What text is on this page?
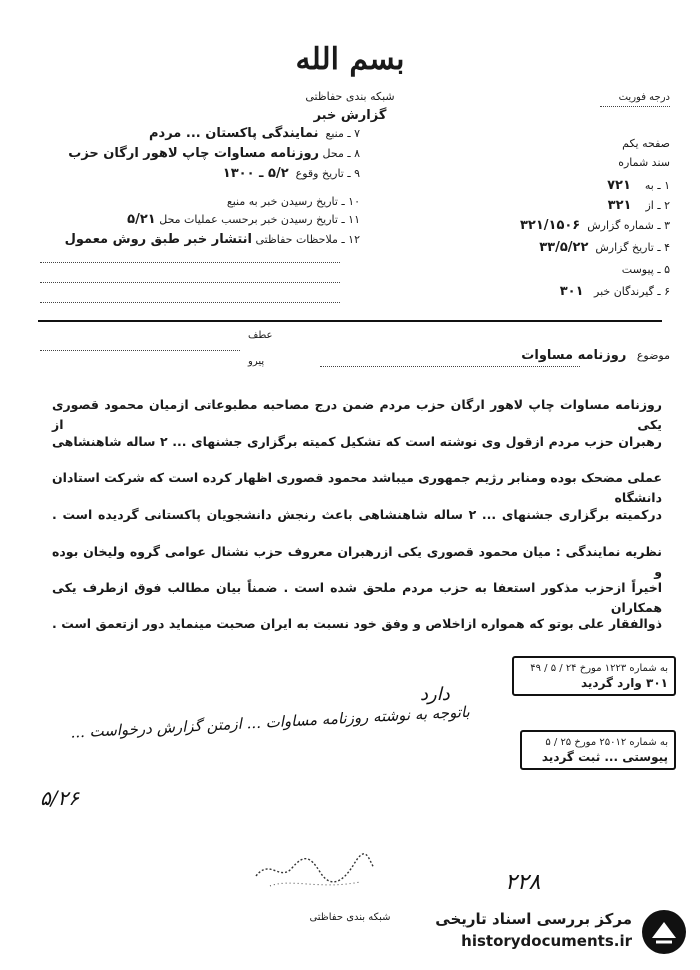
بسم الله
شبکه بندی حفاظتی
گزارش خبر
درجه فوریت
۷ ـ منبع  نمایندگی پاکستان ... مردم
۸ ـ محل روزنامه مساوات چاپ لاهور ارگان حزب
۹ ـ تاریخ وقوع  ۵/۲ ـ ۱۳۰۰
۱۰ ـ تاریخ رسیدن خبر به منبع
۱۱ ـ تاریخ رسیدن خبر برحسب عملیات محل ۵/۲۱
۱۲ ـ ملاحظات حفاظتی انتشار خبر طبق روش معمول
صفحه یکم
سند شماره
۱ ـ به    ۷۲۱
۲ ـ از    ۳۲۱
۳ ـ شماره گزارش  ۳۲۱/۱۵۰۶
۴ ـ تاریخ گزارش  ۳۳/۵/۲۲
۵ ـ پیوست
۶ ـ گیرندگان خبر   ۳۰۱
عطف
پیرو	موضوع   روزنامه مساوات
روزنامه مساوات چاپ لاهور ارگان حزب مردم ضمن درج مصاحبه مطبوعاتی ازمیان محمود قصوری یکی از
رهبران حزب مردم ازقول وی نوشته است که تشکیل کمیته برگزاری جشنهای ... ۲ ساله شاهنشاهی
عملی مضحک بوده ومنابر رژیم جمهوری میباشد محمود قصوری اظهار کرده است که شرکت استادان دانشگاه
درکمیته برگزاری جشنهای ... ۲ ساله شاهنشاهی باعث رنجش دانشجویان پاکستانی گردیده است .
نظریه نمایندگی : میان محمود قصوری یکی ازرهبران معروف حزب نشنال عوامی گروه ولیخان بوده و
اخیراً ازحزب مذکور استعفا به حزب مردم ملحق شده است . ضمناً بیان مطالب فوق ازطرف یکی همکاران
ذوالفقار علی بوتو که همواره ازاخلاص و وفق خود نسبت به ایران صحبت مینماید دور ازتعمق است .
به شماره ۱۲۲۳ مورخ ۲۴ / ۵ / ۴۹
۳۰۱ وارد گردید
به شماره ۲۵۰۱۲ مورخ ۲۵ / ۵
پیوستی ... ثبت گردید
دارد
باتوجه به نوشته روزنامه مساوات ... ازمتن گزارش درخواست ...
۵/۲۶
۲۲۸
شبکه بندی حفاظتی	مرکز بررسی اسناد تاریخی
historydocuments.ir
